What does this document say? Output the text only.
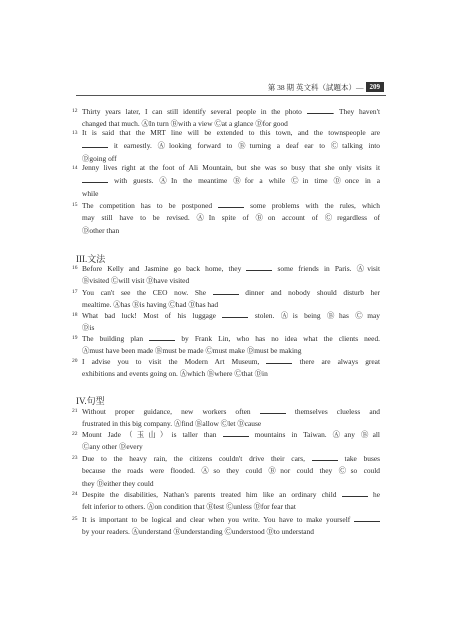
第 38 期 英文科（試題本）— 209
12 Thirty years later, I can still identify several people in the photo	. They haven't
changed that much. ⒶIn turn Ⓑwith a view Ⓒat a glance Ⓓfor good
13 It is said that the MRT line will be extended to this town, and the townspeople are
it earnestly. Ⓐlooking forward to Ⓑturning a deaf ear to Ⓒtalking into
Ⓓgoing off
14 Jenny lives right at the foot of Ali Mountain, but she was so busy that she only visits it
with guests. ⒶIn the meantime Ⓑfor a while Ⓒin time Ⓓonce in a
while
15 The competition has to be postponed	some problems with the rules, which
may still have to be revised. ⒶIn spite of Ⓑon account of Ⓒregardless of
Ⓓother than
16 Before Kelly and Jasmine go back home, they	some friends in Paris. Ⓐvisit
Ⓑvisited Ⓒwill visit Ⓓhave visited
17 You can't see the CEO now. She	dinner and nobody should disturb her
mealtime. Ⓐhas Ⓑis having Ⓒhad Ⓓhas had
18 What bad luck! Most of his luggage	stolen. Ⓐis being Ⓑhas Ⓒmay
Ⓓis
19 The building plan	by Frank Lin, who has no idea what the clients need.
Ⓐmust have been made Ⓑmust be made Ⓒmust make Ⓓmust be making
20 I advise you to visit the Modern Art Museum,	there are always great
exhibitions and events going on. Ⓐwhich Ⓑwhere Ⓒthat Ⓓin
21 Without proper guidance, new workers often	themselves clueless and
frustrated in this big company. Ⓐfind Ⓑallow Ⓒlet Ⓓcause
22 Mount Jade（玉山）is taller than	mountains in Taiwan. Ⓐany Ⓑall
Ⓒany other Ⓓevery
23 Due to the heavy rain, the citizens couldn't drive their cars,	take buses
because the roads were flooded. Ⓐso they could Ⓑnor could they Ⓒso could
they Ⓓeither they could
24 Despite the disabilities, Nathan's parents treated him like an ordinary child	he
felt inferior to others. Ⓐon condition that Ⓑlest Ⓒunless Ⓓfor fear that
25 It is important to be logical and clear when you write. You have to make yourself
by your readers. Ⓐunderstand Ⓑunderstanding Ⓒunderstood Ⓓto understand
III.文法
IV.句型
